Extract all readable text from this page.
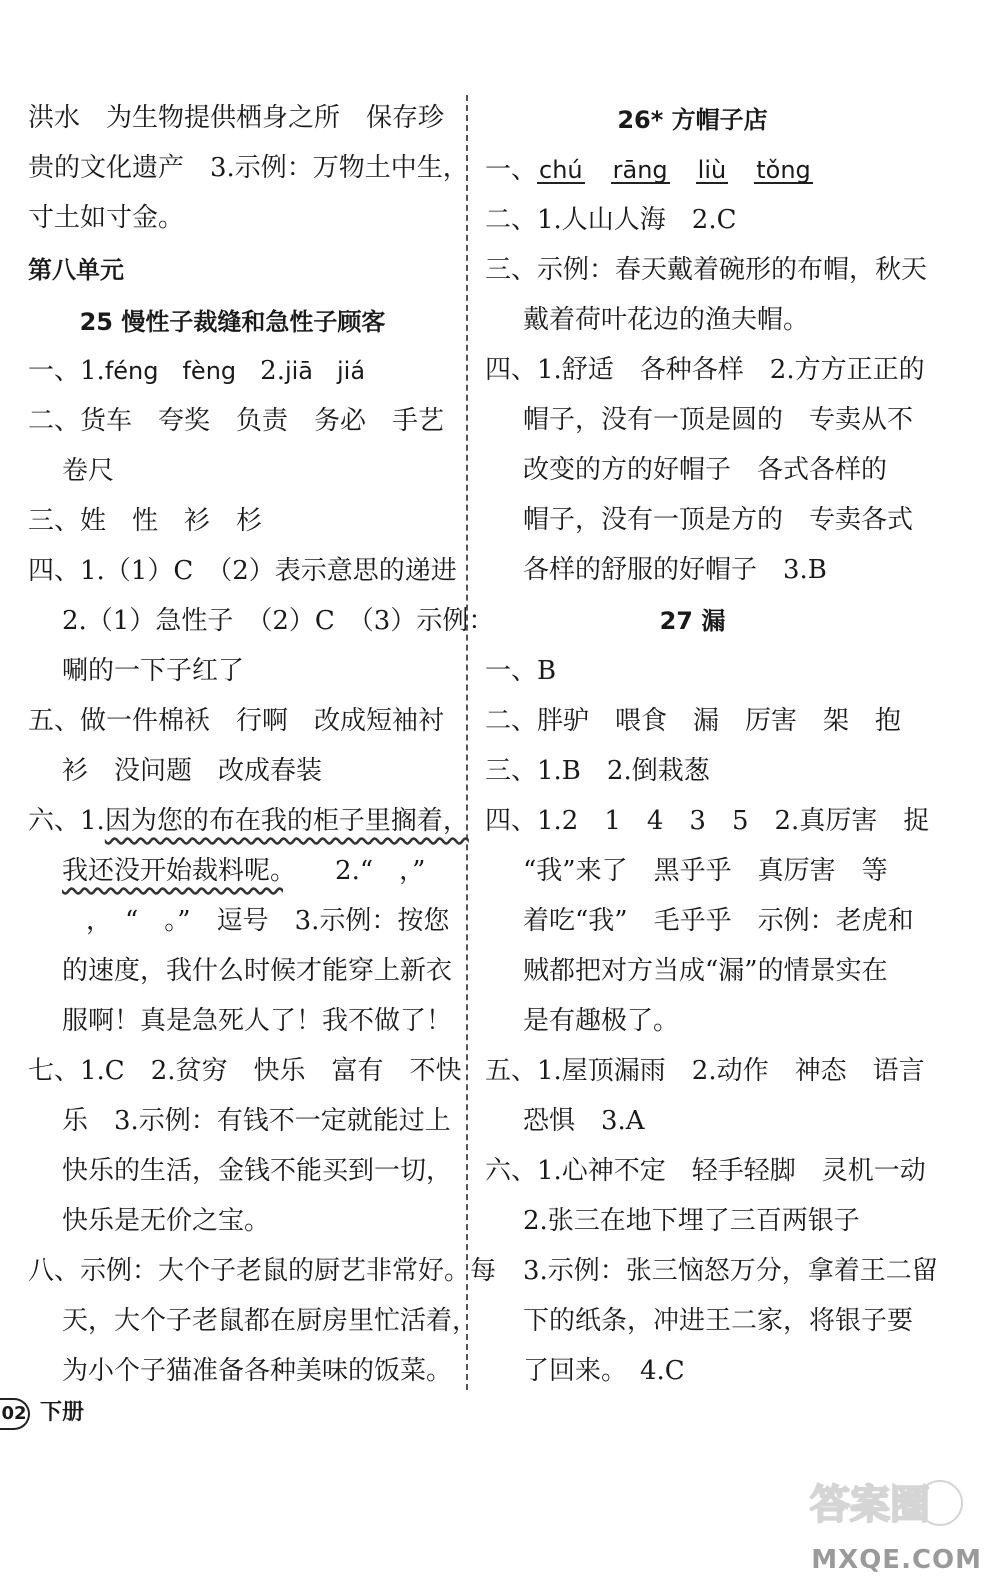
洪水　为生物提供栖身之所　保存珍
贵的文化遗产　3.示例：万物土中生，
寸土如寸金。
第八单元
25 慢性子裁缝和急性子顾客
一、1.féng fèng 2.jiā jiá
二、货车　夸奖　负责　务必　手艺
卷尺
三、姓　性　衫　杉
四、1.（1）C　（2）表示意思的递进
2.（1）急性子　（2）C　（3）示例：
唰的一下子红了
五、做一件棉袄　行啊　改成短袖衬
衫　没问题　改成春装
六、1.因为您的布在我的柜子里搁着，
我还没开始裁料呢。　　 2.“　，”
，　“　。”　逗号　3.示例：按您
的速度，我什么时候才能穿上新衣
服啊！真是急死人了！我不做了！
七、1.C　2.贫穷　快乐　富有　不快
乐　3.示例：有钱不一定就能过上
快乐的生活，金钱不能买到一切，
快乐是无价之宝。
八、示例：大个子老鼠的厨艺非常好。每
天，大个子老鼠都在厨房里忙活着，
为小个子猫准备各种美味的饭菜。
26* 方帽子店
一、chú rāng liù tǒng
二、1.人山人海　2.C
三、示例：春天戴着碗形的布帽，秋天
戴着荷叶花边的渔夫帽。
四、1.舒适　各种各样　2.方方正正的
帽子，没有一顶是圆的　专卖从不
改变的方的好帽子　各式各样的
帽子，没有一顶是方的　专卖各式
各样的舒服的好帽子　3.B
27 漏
一、B
二、胖驴　喂食　漏　厉害　架　抱
三、1.B　2.倒栽葱
四、1.2　1　4　3　5　2.真厉害　捉
“我”来了　黑乎乎　真厉害　等
着吃“我”　毛乎乎　示例：老虎和
贼都把对方当成“漏”的情景实在
是有趣极了。
五、1.屋顶漏雨　2.动作　神态　语言
恐惧　3.A
六、1.心神不定　轻手轻脚　灵机一动
2.张三在地下埋了三百两银子
3.示例：张三恼怒万分，拿着王二留
下的纸条，冲进王二家，将银子要
了回来。　4.C
02 下册
答案圈
MXQE.COM
